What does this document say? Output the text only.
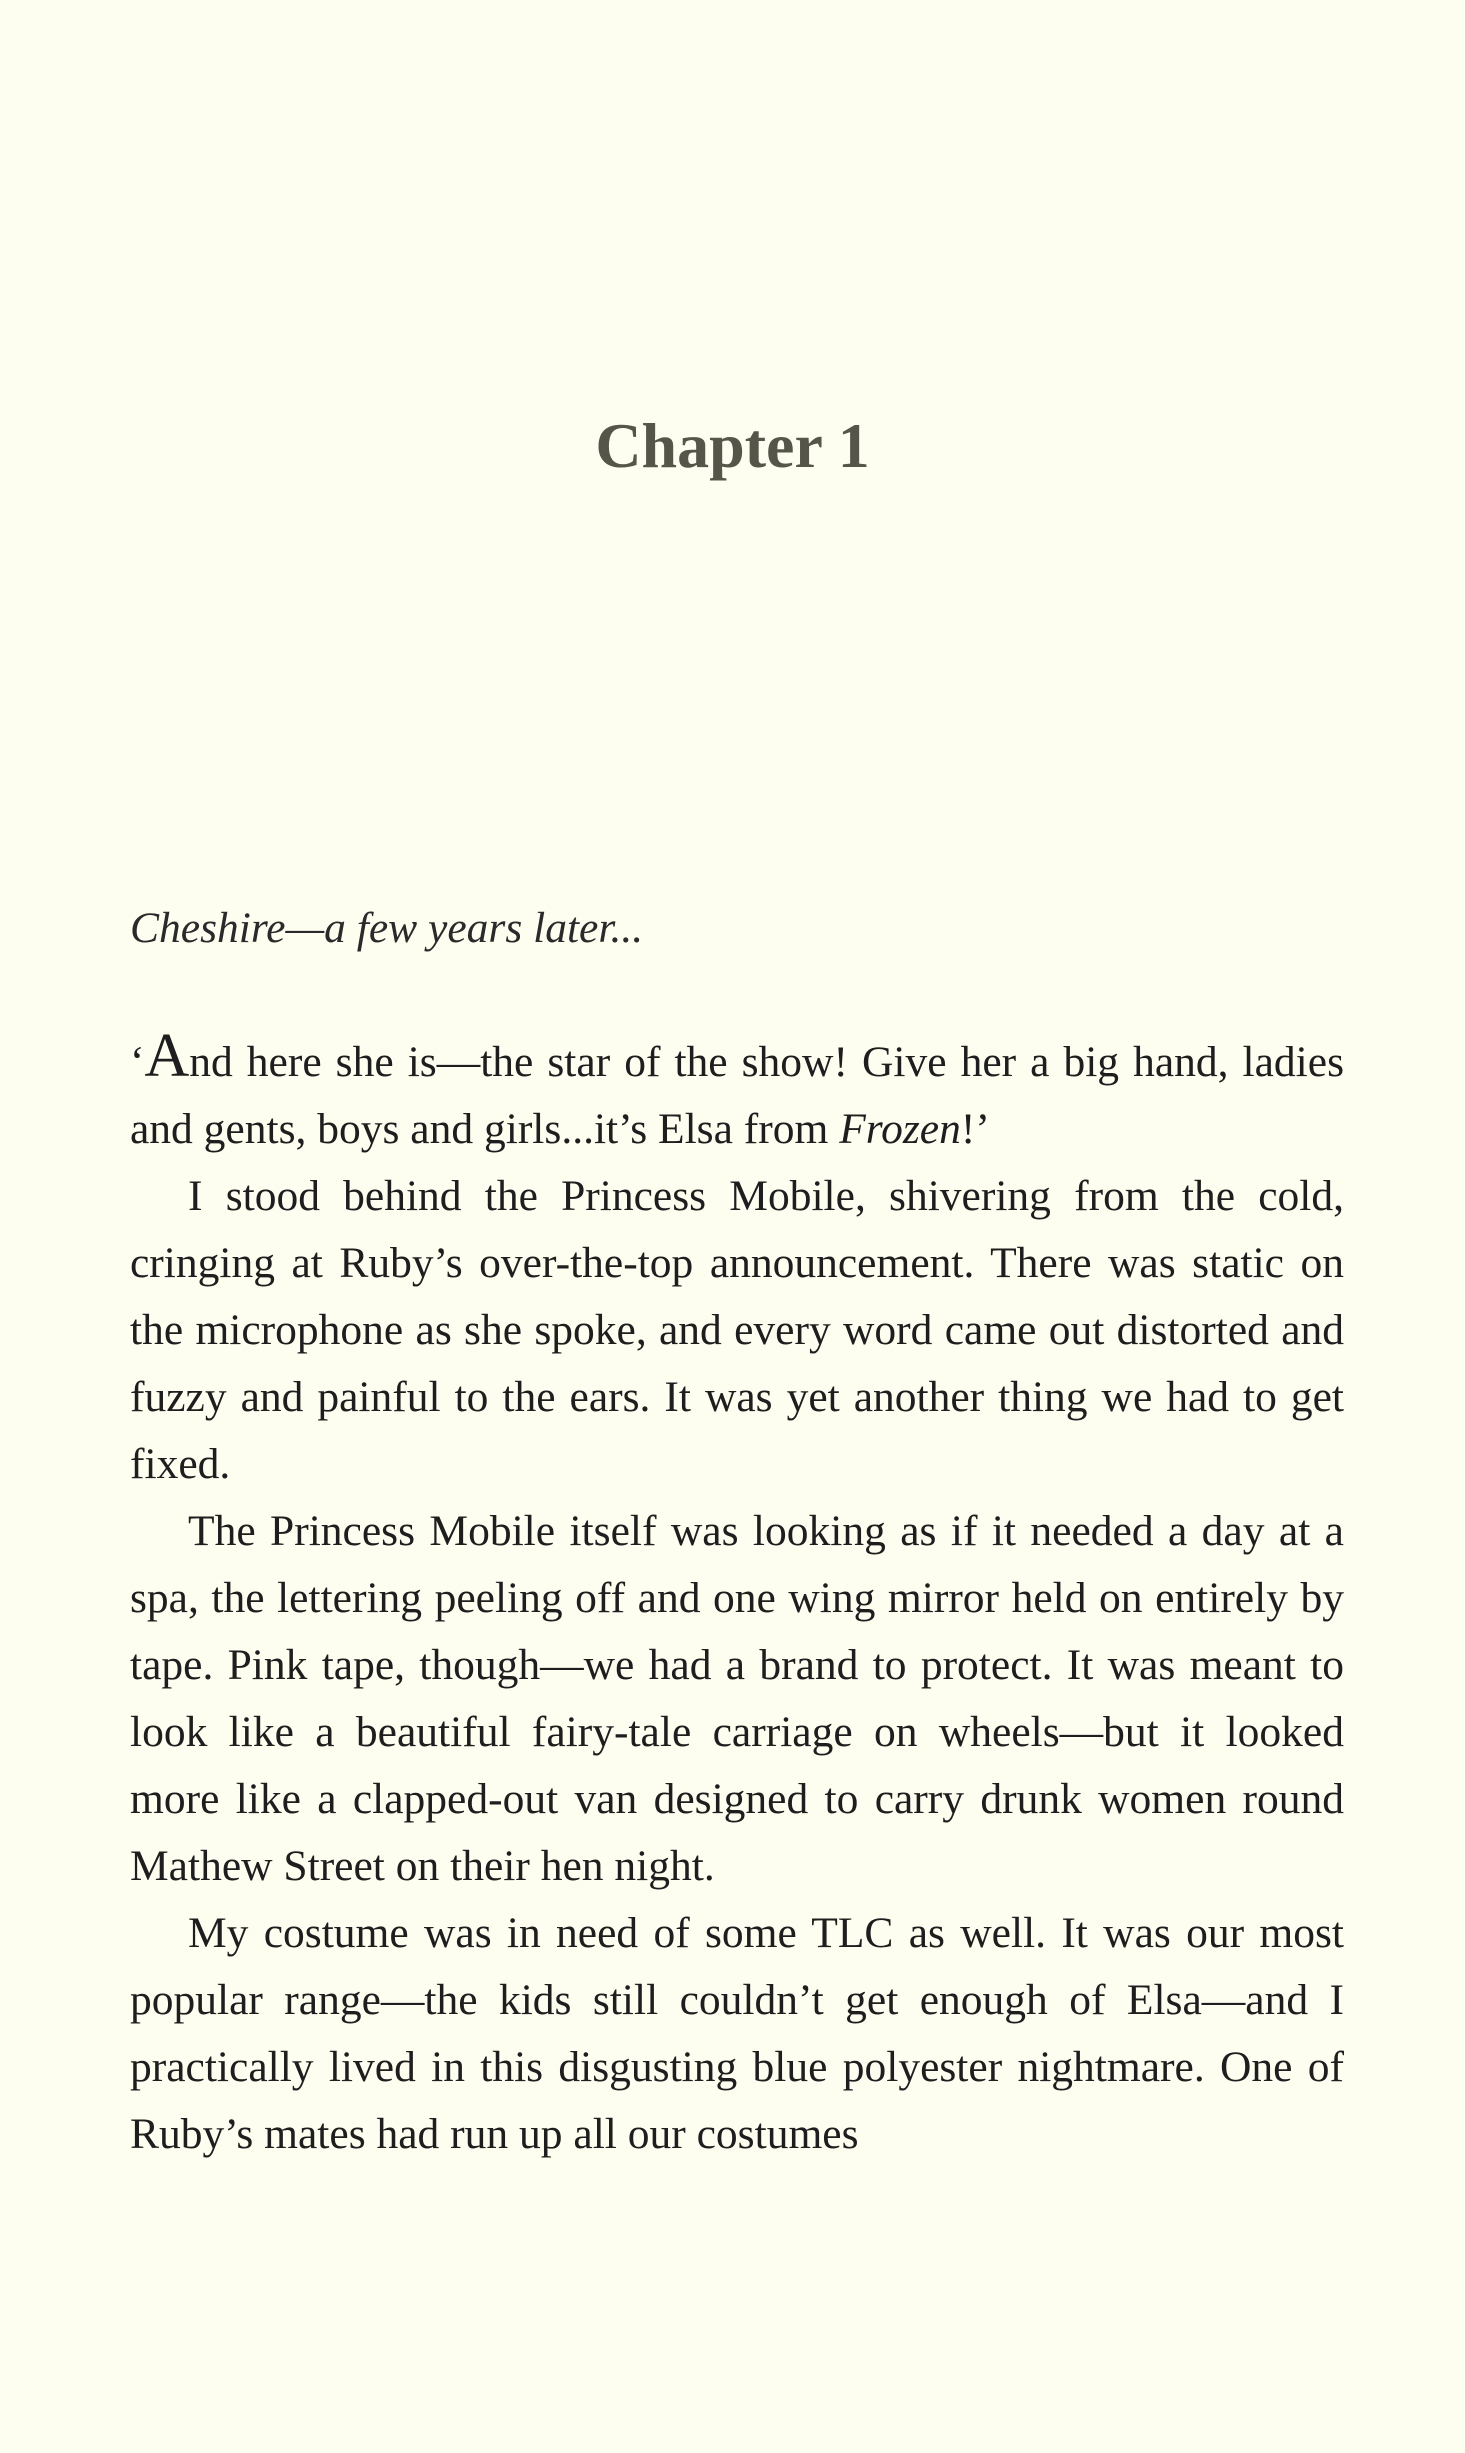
Chapter 1

Cheshire—a few years later...

‘And here she is—the star of the show! Give her a big hand, ladies and gents, boys and girls...it’s Elsa from Frozen!’

I stood behind the Princess Mobile, shivering from the cold, cringing at Ruby’s over-the-top announcement. There was static on the microphone as she spoke, and every word came out distorted and fuzzy and painful to the ears. It was yet another thing we had to get fixed.

The Princess Mobile itself was looking as if it needed a day at a spa, the lettering peeling off and one wing mirror held on entirely by tape. Pink tape, though—we had a brand to protect. It was meant to look like a beautiful fairy-tale carriage on wheels—but it looked more like a clapped-out van designed to carry drunk women round Mathew Street on their hen night.

My costume was in need of some TLC as well. It was our most popular range—the kids still couldn’t get enough of Elsa—and I practically lived in this disgusting blue polyester nightmare. One of Ruby’s mates had run up all our costumes
